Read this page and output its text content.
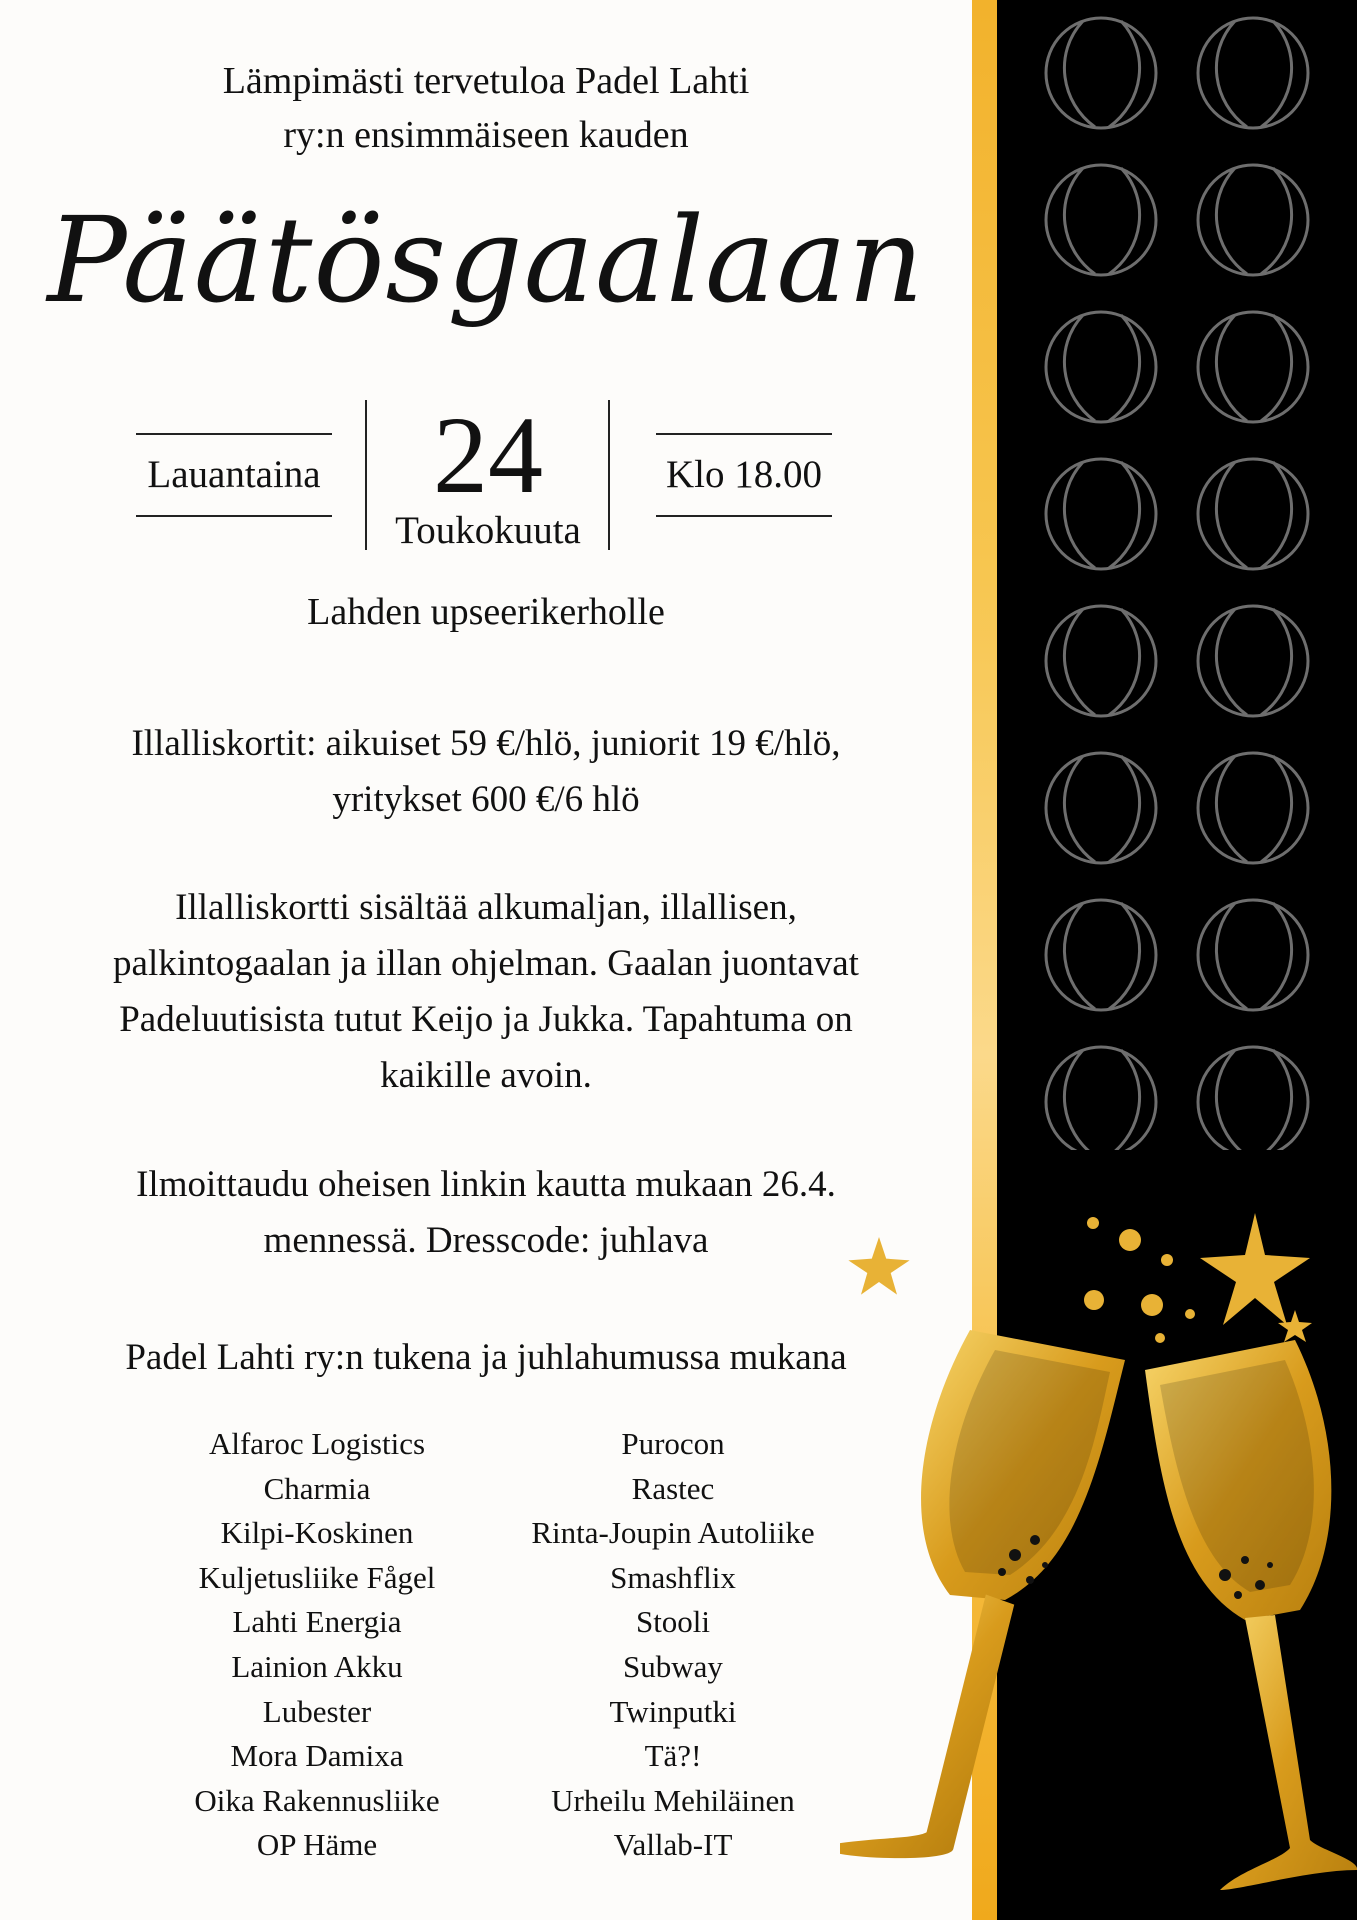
Lämpimästi tervetuloa Padel Lahti
ry:n ensimmäiseen kauden
Päätösgaalaan
Lauantaina	24
Toukokuuta
Klo 18.00
Lahden upseerikerholle
Illalliskortit: aikuiset 59 €/hlö, juniorit 19 €/hlö,
yritykset 600 €/6 hlö
Illalliskortti sisältää alkumaljan, illallisen,
palkintogaalan ja illan ohjelman. Gaalan juontavat
Padeluutisista tutut Keijo ja Jukka. Tapahtuma on
kaikille avoin.
Ilmoittaudu oheisen linkin kautta mukaan 26.4.
mennessä. Dresscode: juhlava
Padel Lahti ry:n tukena ja juhlahumussa mukana
Alfaroc Logistics
Charmia
Kilpi-Koskinen
Kuljetusliike Fågel
Lahti Energia
Lainion Akku
Lubester
Mora Damixa
Oika Rakennusliike
OP Häme
Purocon
Rastec
Rinta-Joupin Autoliike
Smashflix
Stooli
Subway
Twinputki
Tä?!
Urheilu Mehiläinen
Vallab-IT
